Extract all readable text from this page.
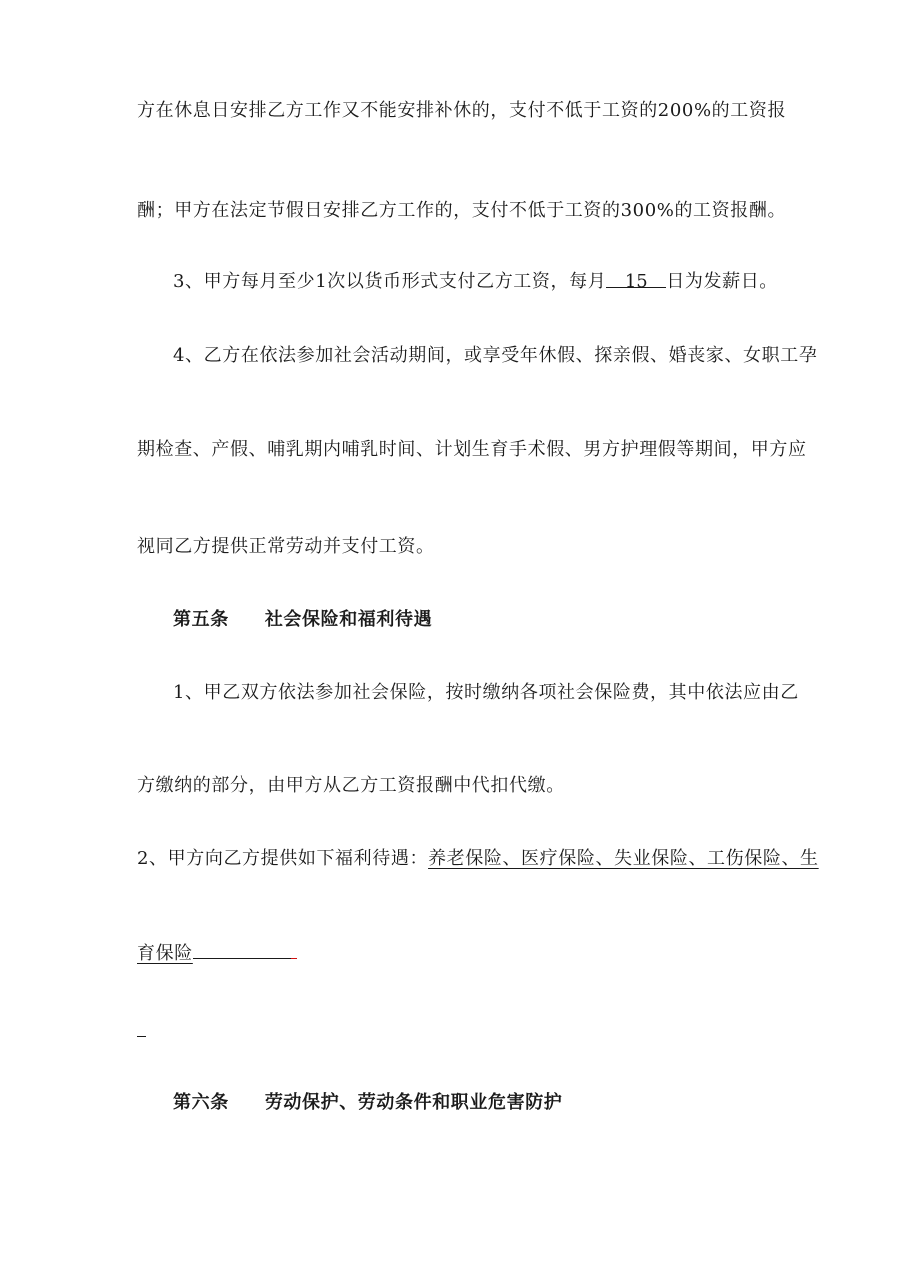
方在休息日安排乙方工作又不能安排补休的，支付不低于工资的200%的工资报
酬；甲方在法定节假日安排乙方工作的，支付不低于工资的300%的工资报酬。
3、甲方每月至少1次以货币形式支付乙方工资，每月 15 日为发薪日。
4、乙方在依法参加社会活动期间，或享受年休假、探亲假、婚丧家、女职工孕
期检查、产假、哺乳期内哺乳时间、计划生育手术假、男方护理假等期间，甲方应
视同乙方提供正常劳动并支付工资。
第五条 社会保险和福利待遇
1、甲乙双方依法参加社会保险，按时缴纳各项社会保险费，其中依法应由乙
方缴纳的部分，由甲方从乙方工资报酬中代扣代缴。
2、甲方向乙方提供如下福利待遇：养老保险、医疗保险、失业保险、工伤保险、生
育保险
第六条 劳动保护、劳动条件和职业危害防护
